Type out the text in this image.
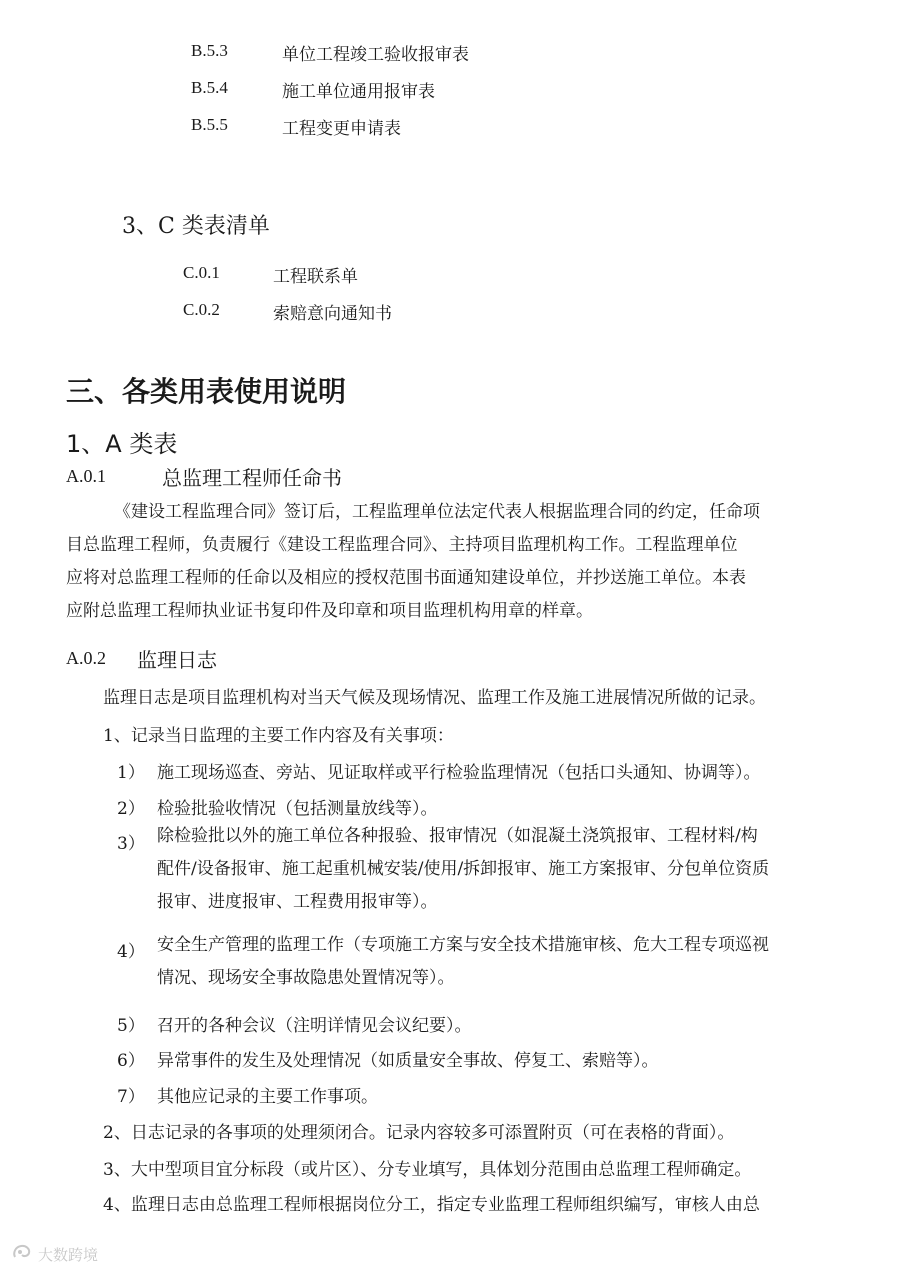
B.5.3	单位工程竣工验收报审表
B.5.4	施工单位通用报审表
B.5.5	工程变更申请表
3、C 类表清单
C.0.1	工程联系单
C.0.2	索赔意向通知书
三、各类用表使用说明
1、A 类表
A.0.1	总监理工程师任命书
《建设工程监理合同》签订后，工程监理单位法定代表人根据监理合同的约定，任命项
目总监理工程师，负责履行《建设工程监理合同》、主持项目监理机构工作。工程监理单位
应将对总监理工程师的任命以及相应的授权范围书面通知建设单位，并抄送施工单位。本表
应附总监理工程师执业证书复印件及印章和项目监理机构用章的样章。
A.0.2 监理日志
监理日志是项目监理机构对当天气候及现场情况、监理工作及施工进展情况所做的记录。
1、记录当日监理的主要工作内容及有关事项：
1） 施工现场巡查、旁站、见证取样或平行检验监理情况（包括口头通知、协调等）。
2） 检验批验收情况（包括测量放线等）。
3） 除检验批以外的施工单位各种报验、报审情况（如混凝土浇筑报审、工程材料/构
配件/设备报审、施工起重机械安装/使用/拆卸报审、施工方案报审、分包单位资质
报审、进度报审、工程费用报审等）。
4） 安全生产管理的监理工作（专项施工方案与安全技术措施审核、危大工程专项巡视
情况、现场安全事故隐患处置情况等）。
5） 召开的各种会议（注明详情见会议纪要）。
6） 异常事件的发生及处理情况（如质量安全事故、停复工、索赔等）。
7） 其他应记录的主要工作事项。
2、日志记录的各事项的处理须闭合。记录内容较多可添置附页（可在表格的背面）。
3、大中型项目宜分标段（或片区）、分专业填写，具体划分范围由总监理工程师确定。
4、监理日志由总监理工程师根据岗位分工，指定专业监理工程师组织编写，审核人由总
大数跨境
